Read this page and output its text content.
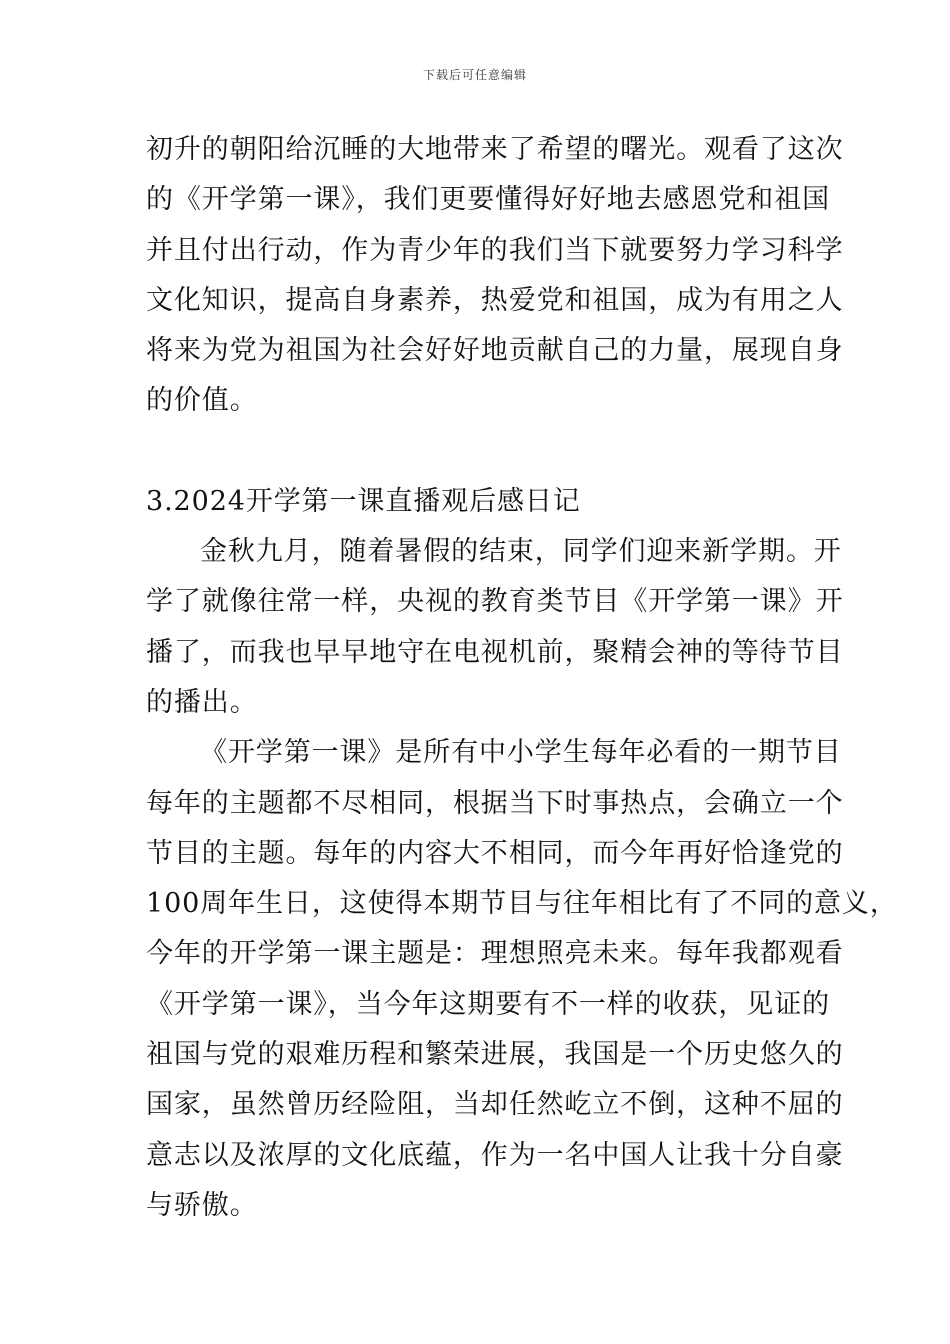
下载后可任意编辑
初升的朝阳给沉睡的大地带来了希望的曙光。观看了这次
的《开学第一课》，我们更要懂得好好地去感恩党和祖国
并且付出行动，作为青少年的我们当下就要努力学习科学
文化知识，提高自身素养，热爱党和祖国，成为有用之人
将来为党为祖国为社会好好地贡献自己的力量，展现自身
的价值。
3.2024开学第一课直播观后感日记
金秋九月，随着暑假的结束，同学们迎来新学期。开
学了就像往常一样，央视的教育类节目《开学第一课》开
播了，而我也早早地守在电视机前，聚精会神的等待节目
的播出。
《开学第一课》是所有中小学生每年必看的一期节目
每年的主题都不尽相同，根据当下时事热点，会确立一个
节目的主题。每年的内容大不相同，而今年再好恰逢党的
100周年生日，这使得本期节目与往年相比有了不同的意义，
今年的开学第一课主题是：理想照亮未来。每年我都观看
《开学第一课》，当今年这期要有不一样的收获，见证的
祖国与党的艰难历程和繁荣进展，我国是一个历史悠久的
国家，虽然曾历经险阻，当却任然屹立不倒，这种不屈的
意志以及浓厚的文化底蕴，作为一名中国人让我十分自豪
与骄傲。
